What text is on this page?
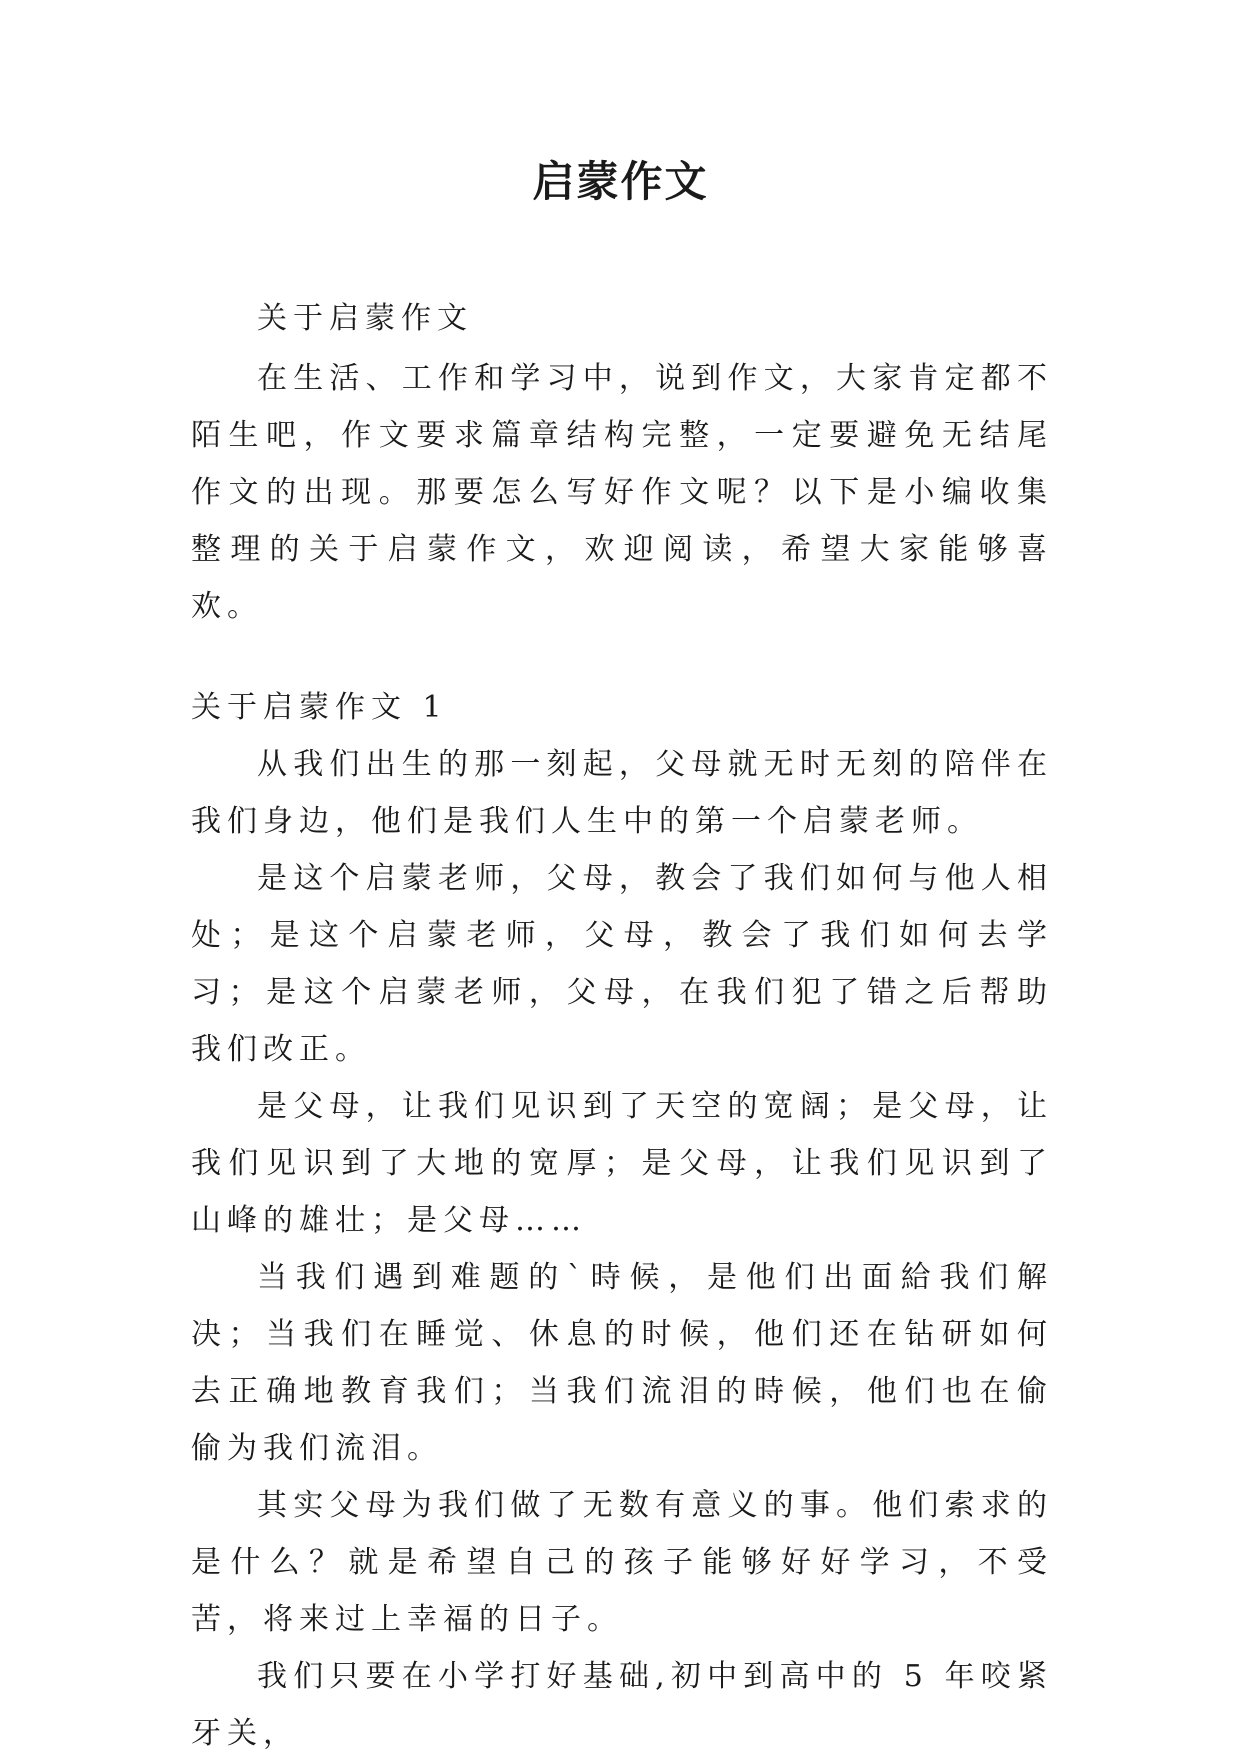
启蒙作文

关于启蒙作文

在生活、工作和学习中，说到作文，大家肯定都不陌生吧，作文要求篇章结构完整，一定要避免无结尾作文的出现。那要怎么写好作文呢？以下是小编收集整理的关于启蒙作文，欢迎阅读，希望大家能够喜欢。

关于启蒙作文 1

从我们出生的那一刻起，父母就无时无刻的陪伴在我们身边，他们是我们人生中的第一个启蒙老师。

是这个启蒙老师，父母，教会了我们如何与他人相处；是这个启蒙老师，父母，教会了我们如何去学习；是这个启蒙老师，父母，在我们犯了错之后帮助我们改正。

是父母，让我们见识到了天空的宽阔；是父母，让我们见识到了大地的宽厚；是父母，让我们见识到了山峰的雄壮；是父母……

当我们遇到难题的`時候，是他们出面給我们解决；当我们在睡觉、休息的时候，他们还在钻研如何去正确地教育我们；当我们流泪的時候，他们也在偷偷为我们流泪。

其实父母为我们做了无数有意义的事。他们索求的是什么？就是希望自己的孩子能够好好学习，不受苦，将来过上幸福的日子。

我们只要在小学打好基础,初中到高中的 5 年咬紧牙关，
